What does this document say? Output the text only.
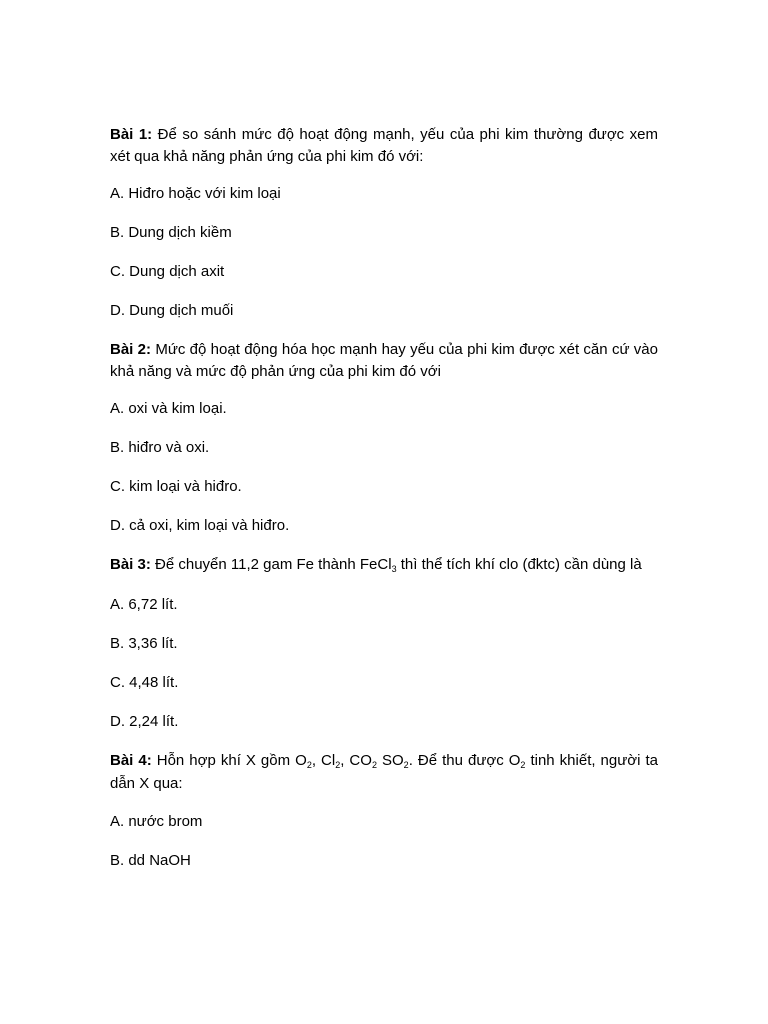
Bài 1: Để so sánh mức độ hoạt động mạnh, yếu của phi kim thường được xem xét qua khả năng phản ứng của phi kim đó với:

A. Hiđro hoặc với kim loại
B. Dung dịch kiềm
C. Dung dịch axit
D. Dung dịch muối

Bài 2: Mức độ hoạt động hóa học mạnh hay yếu của phi kim được xét căn cứ vào khả năng và mức độ phản ứng của phi kim đó với

A. oxi và kim loại.
B. hiđro và oxi.
C. kim loại và hiđro.
D. cả oxi, kim loại và hiđro.

Bài 3: Để chuyển 11,2 gam Fe thành FeCl$_3$ thì thể tích khí clo (đktc) cần dùng là

A. 6,72 lít.
B. 3,36 lít.
C. 4,48 lít.
D. 2,24 lít.

Bài 4: Hỗn hợp khí X gồm $O_2$, $Cl_2$, $CO_2$ $SO_2$. Để thu được $O_2$ tinh khiết, người ta dẫn X qua:

A. nước brom
B. dd NaOH
